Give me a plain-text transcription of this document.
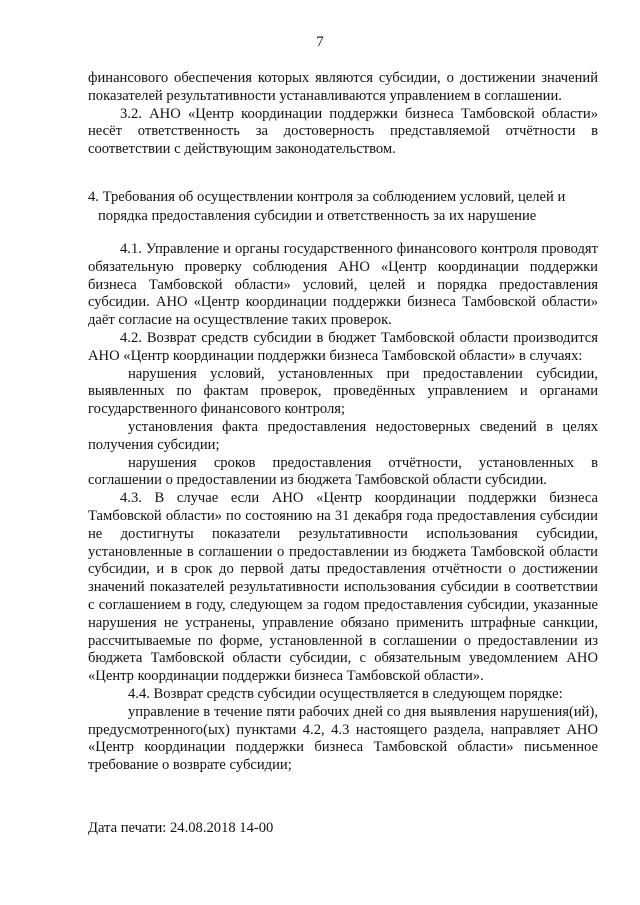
7

финансового обеспечения которых являются субсидии, о достижении значений показателей результативности устанавливаются управлением в соглашении.

3.2. АНО «Центр координации поддержки бизнеса Тамбовской области» несёт ответственность за достоверность представляемой отчётности в соответствии с действующим законодательством.

4. Требования об осуществлении контроля за соблюдением условий, целей и
порядка предоставления субсидии и ответственность за их нарушение

4.1. Управление и органы государственного финансового контроля проводят обязательную проверку соблюдения АНО «Центр координации поддержки бизнеса Тамбовской области» условий, целей и порядка предоставления субсидии. АНО «Центр координации поддержки бизнеса Тамбовской области» даёт согласие на осуществление таких проверок.

4.2. Возврат средств субсидии в бюджет Тамбовской области производится АНО «Центр координации поддержки бизнеса Тамбовской области» в случаях:

нарушения условий, установленных при предоставлении субсидии, выявленных по фактам проверок, проведённых управлением и органами государственного финансового контроля;

установления факта предоставления недостоверных сведений в целях получения субсидии;

нарушения сроков предоставления отчётности, установленных в соглашении о предоставлении из бюджета Тамбовской области субсидии.

4.3. В случае если АНО «Центр координации поддержки бизнеса Тамбовской области» по состоянию на 31 декабря года предоставления субсидии не достигнуты показатели результативности использования субсидии, установленные в соглашении о предоставлении из бюджета Тамбовской области субсидии, и в срок до первой даты предоставления отчётности о достижении значений показателей результативности использования субсидии в соответствии с соглашением в году, следующем за годом предоставления субсидии, указанные нарушения не устранены, управление обязано применить штрафные санкции, рассчитываемые по форме, установленной в соглашении о предоставлении из бюджета Тамбовской области субсидии, с обязательным уведомлением АНО «Центр координации поддержки бизнеса Тамбовской области».

4.4. Возврат средств субсидии осуществляется в следующем порядке:

управление в течение пяти рабочих дней со дня выявления нарушения(ий), предусмотренного(ых) пунктами 4.2, 4.3 настоящего раздела, направляет АНО «Центр координации поддержки бизнеса Тамбовской области» письменное требование о возврате субсидии;

Дата печати: 24.08.2018 14-00
